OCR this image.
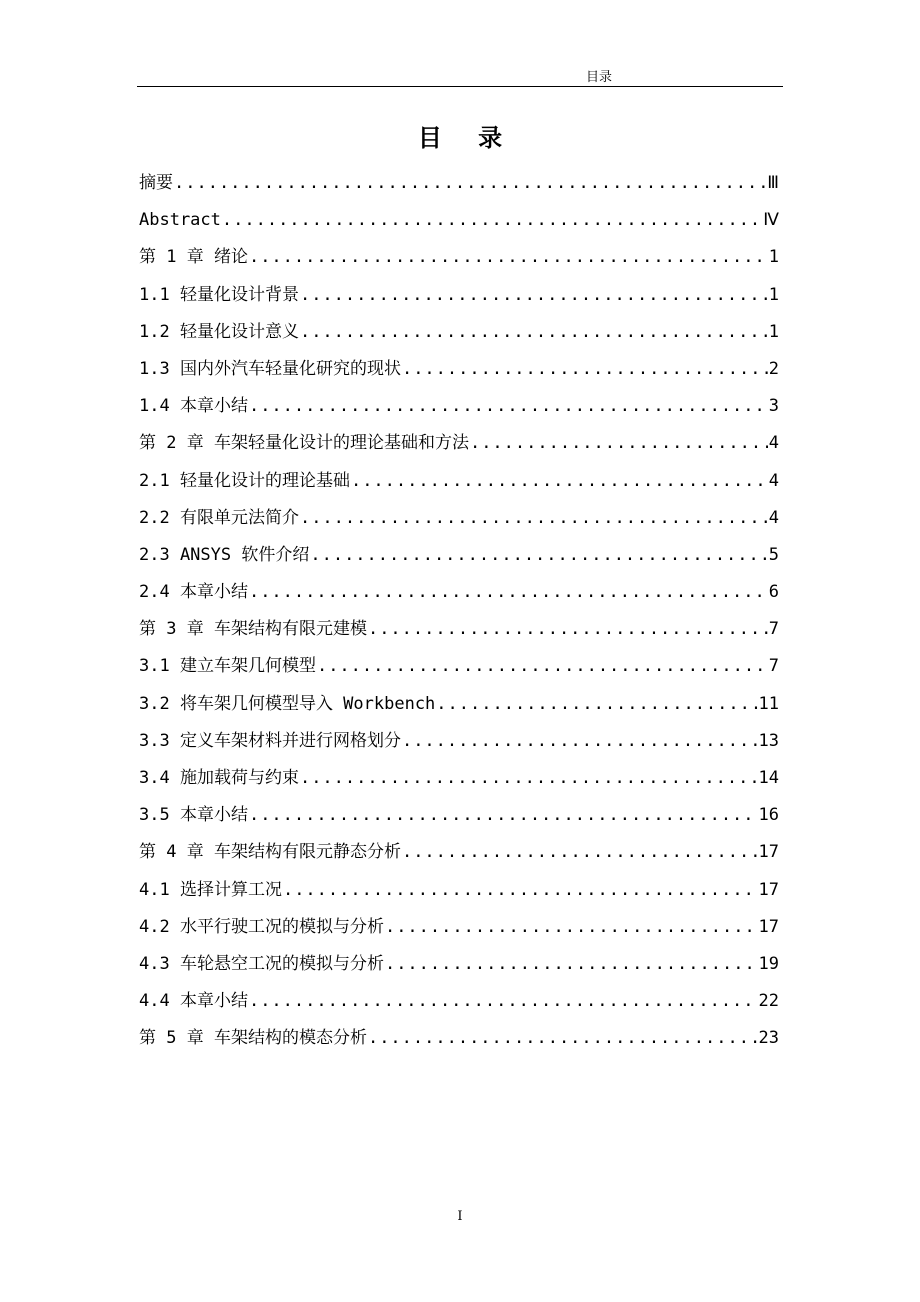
目录
目 录
摘要 .....	Ⅲ
Abstract .....	Ⅳ
第 1 章 绪论 .....	1
1.1 轻量化设计背景 .....	1
1.2 轻量化设计意义 .....	1
1.3 国内外汽车轻量化研究的现状 .....	2
1.4 本章小结 .....	3
第 2 章 车架轻量化设计的理论基础和方法 .....	4
2.1 轻量化设计的理论基础 .....	4
2.2 有限单元法简介 .....	4
2.3 ANSYS 软件介绍 .....	5
2.4 本章小结 .....	6
第 3 章 车架结构有限元建模 .....	7
3.1 建立车架几何模型 .....	7
3.2 将车架几何模型导入 Workbench .....	11
3.3 定义车架材料并进行网格划分 .....	13
3.4 施加载荷与约束 .....	14
3.5 本章小结 .....	16
第 4 章 车架结构有限元静态分析 .....	17
4.1 选择计算工况 .....	17
4.2 水平行驶工况的模拟与分析 .....	17
4.3 车轮悬空工况的模拟与分析 .....	19
4.4 本章小结 .....	22
第 5 章 车架结构的模态分析 .....	23
I
